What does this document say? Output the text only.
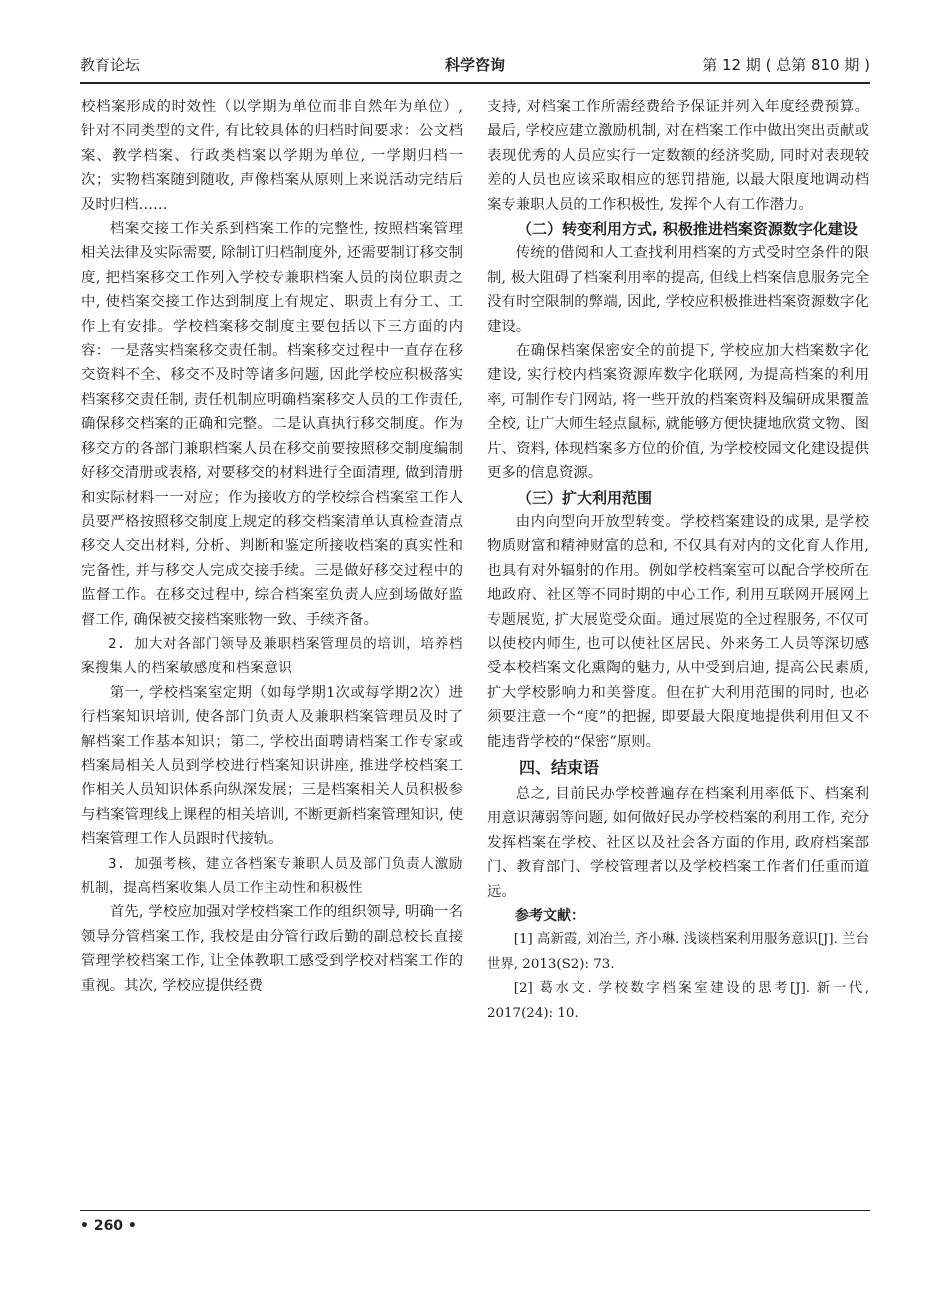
教育论坛	科学咨询	第 12 期 ( 总第 810 期 )

校档案形成的时效性（以学期为单位而非自然年为单位）, 针对不同类型的文件, 有比较具体的归档时间要求：公文档案、教学档案、行政类档案以学期为单位, 一学期归档一次；实物档案随到随收, 声像档案从原则上来说活动完结后及时归档……

档案交接工作关系到档案工作的完整性, 按照档案管理相关法律及实际需要, 除制订归档制度外, 还需要制订移交制度, 把档案移交工作列入学校专兼职档案人员的岗位职责之中, 使档案交接工作达到制度上有规定、职责上有分工、工作上有安排。学校档案移交制度主要包括以下三方面的内容：一是落实档案移交责任制。档案移交过程中一直存在移交资料不全、移交不及时等诸多问题, 因此学校应积极落实档案移交责任制, 责任机制应明确档案移交人员的工作责任, 确保移交档案的正确和完整。二是认真执行移交制度。作为移交方的各部门兼职档案人员在移交前要按照移交制度编制好移交清册或表格, 对要移交的材料进行全面清理, 做到清册和实际材料一一对应；作为接收方的学校综合档案室工作人员要严格按照移交制度上规定的移交档案清单认真检查清点移交人交出材料, 分析、判断和鉴定所接收档案的真实性和完备性, 并与移交人完成交接手续。三是做好移交过程中的监督工作。在移交过程中, 综合档案室负责人应到场做好监督工作, 确保被交接档案账物一致、手续齐备。

2. 加大对各部门领导及兼职档案管理员的培训，培养档案搜集人的档案敏感度和档案意识

第一, 学校档案室定期（如每学期1次或每学期2次）进行档案知识培训, 使各部门负责人及兼职档案管理员及时了解档案工作基本知识；第二, 学校出面聘请档案工作专家或档案局相关人员到学校进行档案知识讲座, 推进学校档案工作相关人员知识体系向纵深发展；三是档案相关人员积极参与档案管理线上课程的相关培训, 不断更新档案管理知识, 使档案管理工作人员跟时代接轨。

3. 加强考核，建立各档案专兼职人员及部门负责人激励机制，提高档案收集人员工作主动性和积极性

首先, 学校应加强对学校档案工作的组织领导, 明确一名领导分管档案工作, 我校是由分管行政后勤的副总校长直接管理学校档案工作, 让全体教职工感受到学校对档案工作的重视。其次, 学校应提供经费

支持, 对档案工作所需经费给予保证并列入年度经费预算。最后, 学校应建立激励机制, 对在档案工作中做出突出贡献或表现优秀的人员应实行一定数额的经济奖励, 同时对表现较差的人员也应该采取相应的惩罚措施, 以最大限度地调动档案专兼职人员的工作积极性, 发挥个人有工作潜力。

（二）转变利用方式, 积极推进档案资源数字化建设

传统的借阅和人工查找利用档案的方式受时空条件的限制, 极大阻碍了档案利用率的提高, 但线上档案信息服务完全没有时空限制的弊端, 因此, 学校应积极推进档案资源数字化建设。

在确保档案保密安全的前提下, 学校应加大档案数字化建设, 实行校内档案资源库数字化联网, 为提高档案的利用率, 可制作专门网站, 将一些开放的档案资料及编研成果覆盖全校, 让广大师生轻点鼠标, 就能够方便快捷地欣赏文物、图片、资料, 体现档案多方位的价值, 为学校校园文化建设提供更多的信息资源。

（三）扩大利用范围

由内向型向开放型转变。学校档案建设的成果, 是学校物质财富和精神财富的总和, 不仅具有对内的文化育人作用, 也具有对外辐射的作用。例如学校档案室可以配合学校所在地政府、社区等不同时期的中心工作, 利用互联网开展网上专题展览, 扩大展览受众面。通过展览的全过程服务, 不仅可以使校内师生, 也可以使社区居民、外来务工人员等深切感受本校档案文化熏陶的魅力, 从中受到启迪, 提高公民素质, 扩大学校影响力和美誉度。但在扩大利用范围的同时, 也必须要注意一个“度”的把握, 即要最大限度地提供利用但又不能违背学校的“保密”原则。

四、结束语

总之, 目前民办学校普遍存在档案利用率低下、档案利用意识薄弱等问题, 如何做好民办学校档案的利用工作, 充分发挥档案在学校、社区以及社会各方面的作用, 政府档案部门、教育部门、学校管理者以及学校档案工作者们任重而道远。

参考文献：

[1] 高新霞, 刘冶兰, 齐小琳. 浅谈档案利用服务意识[J]. 兰台世界, 2013(S2): 73.

[2] 葛水文. 学校数字档案室建设的思考[J]. 新一代, 2017(24): 10.

• 260 •
